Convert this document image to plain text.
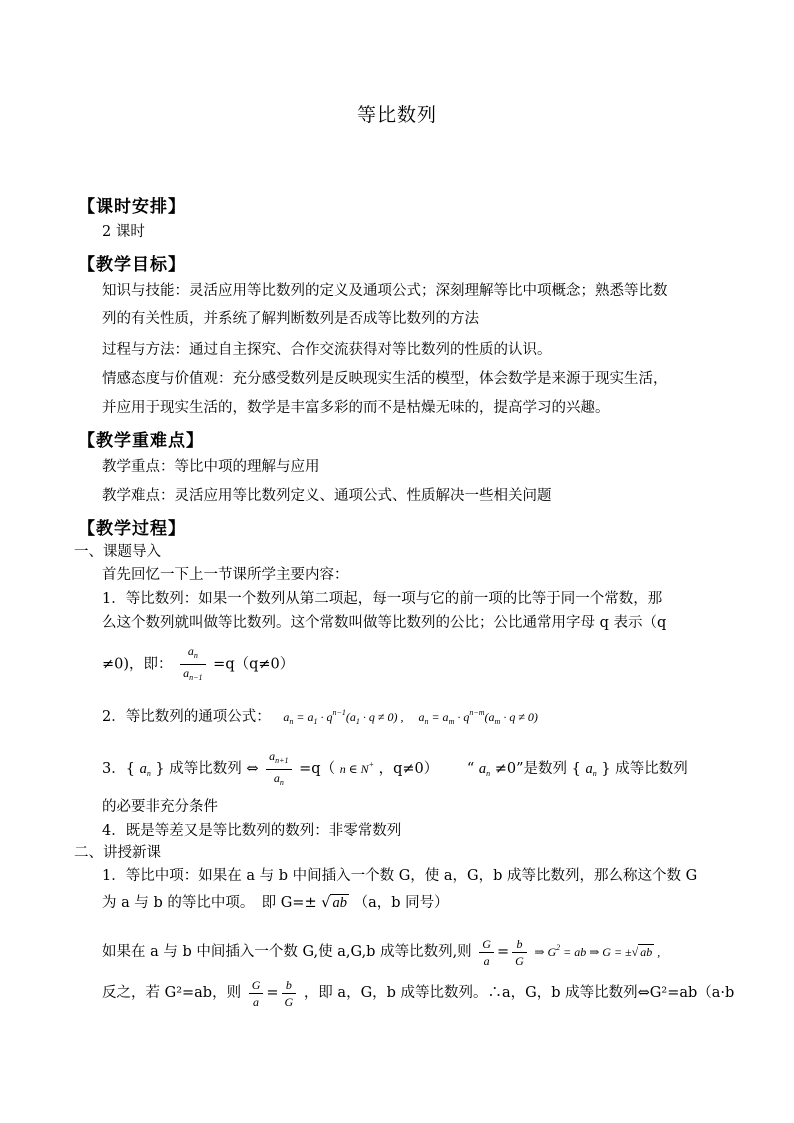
等比数列
【课时安排】
2 课时
【教学目标】
知识与技能：灵活应用等比数列的定义及通项公式；深刻理解等比中项概念；熟悉等比数
列的有关性质，并系统了解判断数列是否成等比数列的方法
过程与方法：通过自主探究、合作交流获得对等比数列的性质的认识。
情感态度与价值观：充分感受数列是反映现实生活的模型，体会数学是来源于现实生活，
并应用于现实生活的，数学是丰富多彩的而不是枯燥无味的，提高学习的兴趣。
【教学重难点】
教学重点：等比中项的理解与应用
教学难点：灵活应用等比数列定义、通项公式、性质解决一些相关问题
【教学过程】
一、课题导入
首先回忆一下上一节课所学主要内容：
1．等比数列：如果一个数列从第二项起，每一项与它的前一项的比等于同一个常数，那
么这个数列就叫做等比数列。这个常数叫做等比数列的公比；公比通常用字母 q 表示（q
≠0)，即： $\frac{a_n}{a_{n-1}} =q(q\ne 0)$
2．等比数列的通项公式： $a_n = a_1 \cdot q^{n-1}(a_1 \cdot q \ne 0)$ ,　 $a_n = a_m \cdot q^{n-m}(a_m \cdot q \ne 0)$
3．{ $a_n$ } 成等比数列 ⇔ $\frac{a_{n+1}}{a_n} =q$（ n ∈ N+ ，q≠0） “ $a_n \ne 0$”是数列 { $a_n$ } 成等比数列
的必要非充分条件
4．既是等差又是等比数列的数列：非零常数列
二、讲授新课
1．等比中项：如果在 a 与 b 中间插入一个数 G，使 a，G，b 成等比数列，那么称这个数 G
为 a 与 b 的等比中项。　即 G=± √ ab （a，b 同号）
如果在 a 与 b 中间插入一个数 G,使 a,G,b 成等比数列,则 $\frac{G}{a} = \frac{b}{G}$ ⇒ $G^2$ = ab ⇒ G = ±√ ab ,
反之，若 G²=ab，则 $\frac{G}{a} = \frac{b}{G}$ ，即 a，G，b 成等比数列。∴a，G，b 成等比数列⇔G²=ab（a·b
